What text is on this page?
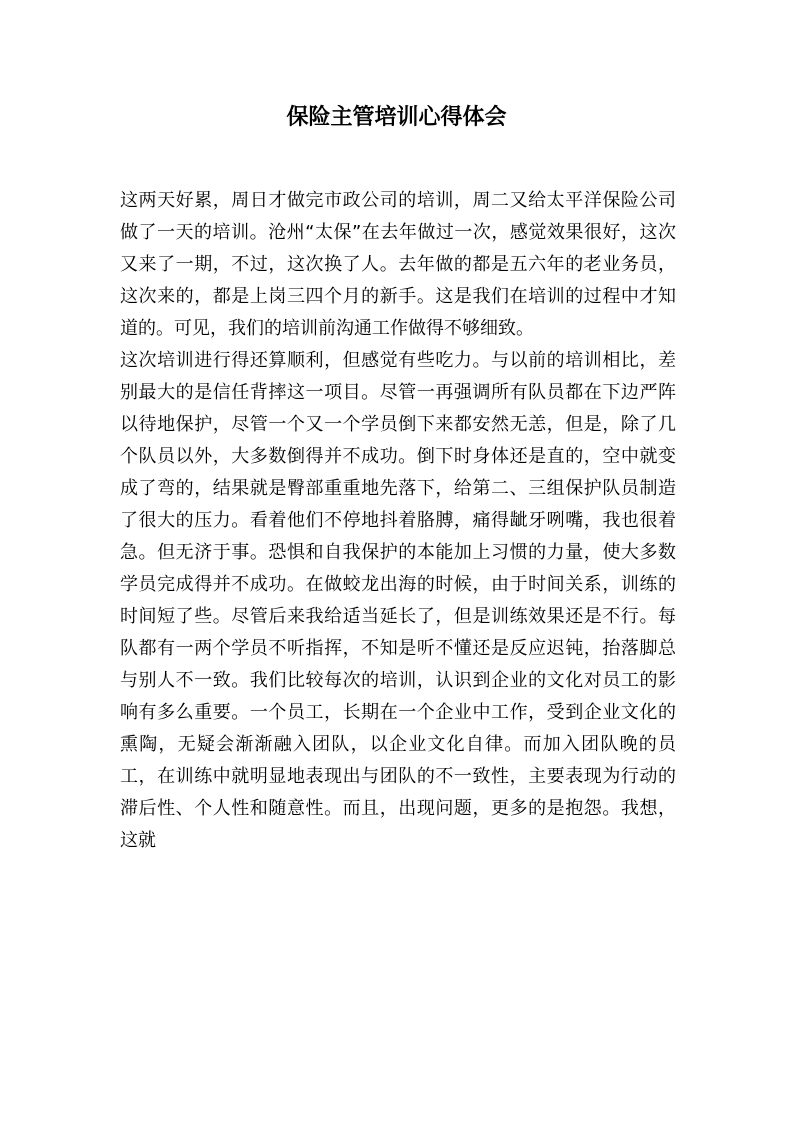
保险主管培训心得体会

这两天好累，周日才做完市政公司的培训，周二又给太平洋保险公司做了一天的培训。沧州“太保”在去年做过一次，感觉效果很好，这次又来了一期，不过，这次换了人。去年做的都是五六年的老业务员，这次来的，都是上岗三四个月的新手。这是我们在培训的过程中才知道的。可见，我们的培训前沟通工作做得不够细致。

这次培训进行得还算顺利，但感觉有些吃力。与以前的培训相比，差别最大的是信任背摔这一项目。尽管一再强调所有队员都在下边严阵以待地保护，尽管一个又一个学员倒下来都安然无恙，但是，除了几个队员以外，大多数倒得并不成功。倒下时身体还是直的，空中就变成了弯的，结果就是臀部重重地先落下，给第二、三组保护队员制造了很大的压力。看着他们不停地抖着胳膊，痛得龇牙咧嘴，我也很着急。但无济于事。恐惧和自我保护的本能加上习惯的力量，使大多数学员完成得并不成功。在做蛟龙出海的时候，由于时间关系，训练的时间短了些。尽管后来我给适当延长了，但是训练效果还是不行。每队都有一两个学员不听指挥，不知是听不懂还是反应迟钝，抬落脚总与别人不一致。我们比较每次的培训，认识到企业的文化对员工的影响有多么重要。一个员工，长期在一个企业中工作，受到企业文化的熏陶，无疑会渐渐融入团队，以企业文化自律。而加入团队晚的员工，在训练中就明显地表现出与团队的不一致性，主要表现为行动的滞后性、个人性和随意性。而且，出现问题，更多的是抱怨。我想，这就
